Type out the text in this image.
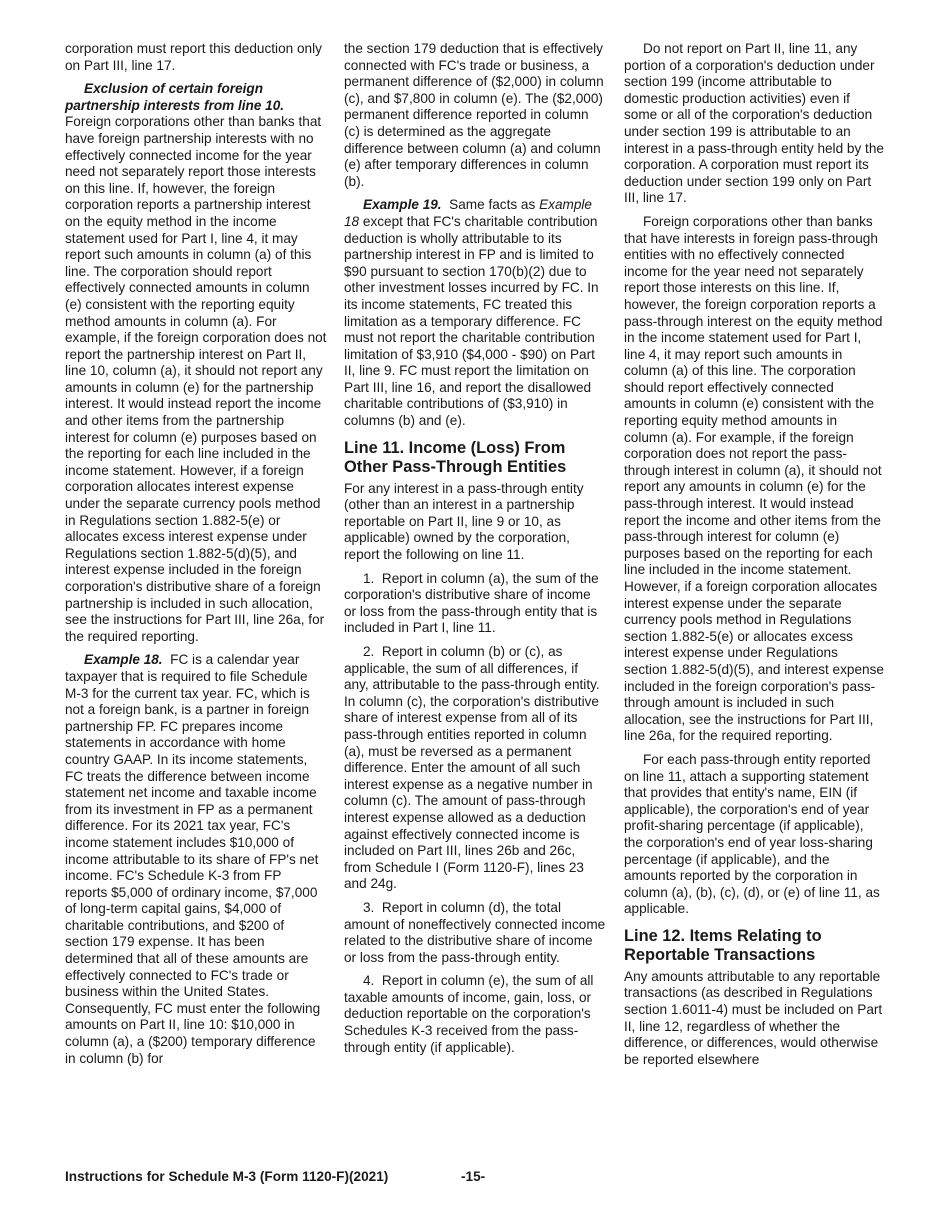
corporation must report this deduction only on Part III, line 17.

Exclusion of certain foreign partnership interests from line 10. Foreign corporations other than banks that have foreign partnership interests with no effectively connected income for the year need not separately report those interests on this line. If, however, the foreign corporation reports a partnership interest on the equity method in the income statement used for Part I, line 4, it may report such amounts in column (a) of this line. The corporation should report effectively connected amounts in column (e) consistent with the reporting equity method amounts in column (a). For example, if the foreign corporation does not report the partnership interest on Part II, line 10, column (a), it should not report any amounts in column (e) for the partnership interest. It would instead report the income and other items from the partnership interest for column (e) purposes based on the reporting for each line included in the income statement. However, if a foreign corporation allocates interest expense under the separate currency pools method in Regulations section 1.882-5(e) or allocates excess interest expense under Regulations section 1.882-5(d)(5), and interest expense included in the foreign corporation's distributive share of a foreign partnership is included in such allocation, see the instructions for Part III, line 26a, for the required reporting.

Example 18. FC is a calendar year taxpayer that is required to file Schedule M-3 for the current tax year. FC, which is not a foreign bank, is a partner in foreign partnership FP. FC prepares income statements in accordance with home country GAAP. In its income statements, FC treats the difference between income statement net income and taxable income from its investment in FP as a permanent difference. For its 2021 tax year, FC's income statement includes $10,000 of income attributable to its share of FP's net income. FC's Schedule K-3 from FP reports $5,000 of ordinary income, $7,000 of long-term capital gains, $4,000 of charitable contributions, and $200 of section 179 expense. It has been determined that all of these amounts are effectively connected to FC's trade or business within the United States. Consequently, FC must enter the following amounts on Part II, line 10: $10,000 in column (a), a ($200) temporary difference in column (b) for

the section 179 deduction that is effectively connected with FC's trade or business, a permanent difference of ($2,000) in column (c), and $7,800 in column (e). The ($2,000) permanent difference reported in column (c) is determined as the aggregate difference between column (a) and column (e) after temporary differences in column (b).

Example 19. Same facts as Example 18 except that FC's charitable contribution deduction is wholly attributable to its partnership interest in FP and is limited to $90 pursuant to section 170(b)(2) due to other investment losses incurred by FC. In its income statements, FC treated this limitation as a temporary difference. FC must not report the charitable contribution limitation of $3,910 ($4,000 - $90) on Part II, line 9. FC must report the limitation on Part III, line 16, and report the disallowed charitable contributions of ($3,910) in columns (b) and (e).

Line 11. Income (Loss) From Other Pass-Through Entities

For any interest in a pass-through entity (other than an interest in a partnership reportable on Part II, line 9 or 10, as applicable) owned by the corporation, report the following on line 11.

1.  Report in column (a), the sum of the corporation's distributive share of income or loss from the pass-through entity that is included in Part I, line 11.

2.  Report in column (b) or (c), as applicable, the sum of all differences, if any, attributable to the pass-through entity. In column (c), the corporation's distributive share of interest expense from all of its pass-through entities reported in column (a), must be reversed as a permanent difference. Enter the amount of all such interest expense as a negative number in column (c). The amount of pass-through interest expense allowed as a deduction against effectively connected income is included on Part III, lines 26b and 26c, from Schedule I (Form 1120-F), lines 23 and 24g.

3.  Report in column (d), the total amount of noneffectively connected income related to the distributive share of income or loss from the pass-through entity.

4.  Report in column (e), the sum of all taxable amounts of income, gain, loss, or deduction reportable on the corporation's Schedules K-3 received from the pass-through entity (if applicable).

Do not report on Part II, line 11, any portion of a corporation's deduction under section 199 (income attributable to domestic production activities) even if some or all of the corporation's deduction under section 199 is attributable to an interest in a pass-through entity held by the corporation. A corporation must report its deduction under section 199 only on Part III, line 17.

Foreign corporations other than banks that have interests in foreign pass-through entities with no effectively connected income for the year need not separately report those interests on this line. If, however, the foreign corporation reports a pass-through interest on the equity method in the income statement used for Part I, line 4, it may report such amounts in column (a) of this line. The corporation should report effectively connected amounts in column (e) consistent with the reporting equity method amounts in column (a). For example, if the foreign corporation does not report the pass-through interest in column (a), it should not report any amounts in column (e) for the pass-through interest. It would instead report the income and other items from the pass-through interest for column (e) purposes based on the reporting for each line included in the income statement. However, if a foreign corporation allocates interest expense under the separate currency pools method in Regulations section 1.882-5(e) or allocates excess interest expense under Regulations section 1.882-5(d)(5), and interest expense included in the foreign corporation's pass-through amount is included in such allocation, see the instructions for Part III, line 26a, for the required reporting.

For each pass-through entity reported on line 11, attach a supporting statement that provides that entity's name, EIN (if applicable), the corporation's end of year profit-sharing percentage (if applicable), the corporation's end of year loss-sharing percentage (if applicable), and the amounts reported by the corporation in column (a), (b), (c), (d), or (e) of line 11, as applicable.

Line 12. Items Relating to Reportable Transactions

Any amounts attributable to any reportable transactions (as described in Regulations section 1.6011-4) must be included on Part II, line 12, regardless of whether the difference, or differences, would otherwise be reported elsewhere

Instructions for Schedule M-3 (Form 1120-F)(2021)	-15-
